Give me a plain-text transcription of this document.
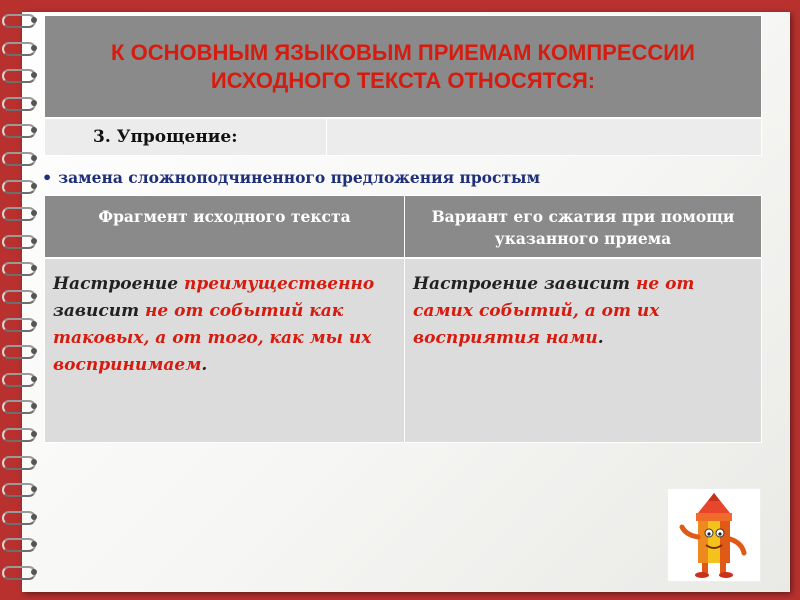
К ОСНОВНЫМ ЯЗЫКОВЫМ ПРИЕМАМ КОМПРЕССИИ ИСХОДНОГО ТЕКСТА ОТНОСЯТСЯ:
3. Упрощение:
• замена сложноподчиненного предложения простым
Фрагмент исходного текста	Вариант его сжатия при помощи указанного приема
Настроение преимущественно зависит не от событий как таковых, а от того, как мы их воспринимаем.
Настроение зависит не от самих событий, а от их восприятия нами.
